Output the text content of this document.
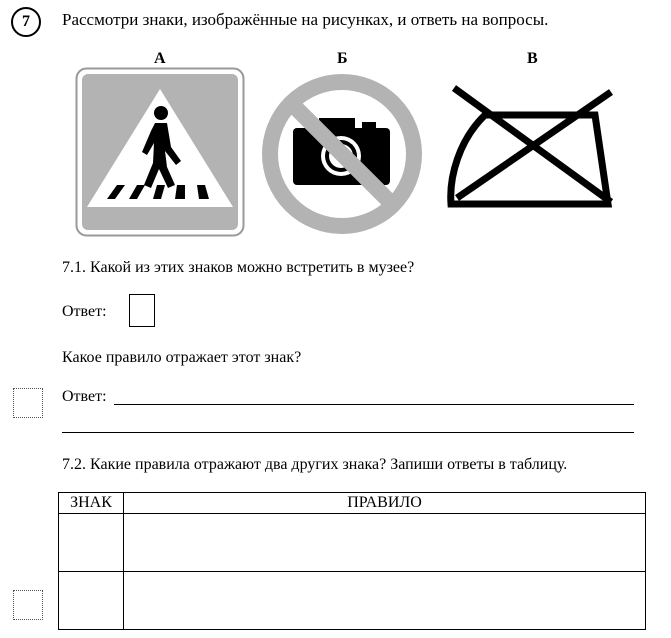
7	Рассмотри знаки, изображённые на рисунках, и ответь на вопросы.
А	Б	В
7.1. Какой из этих знаков можно встретить в музее?
Ответ:
Какое правило отражает этот знак?
Ответ:
7.2. Какие правила отражают два других знака? Запиши ответы в таблицу.
ЗНАК	ПРАВИЛО
